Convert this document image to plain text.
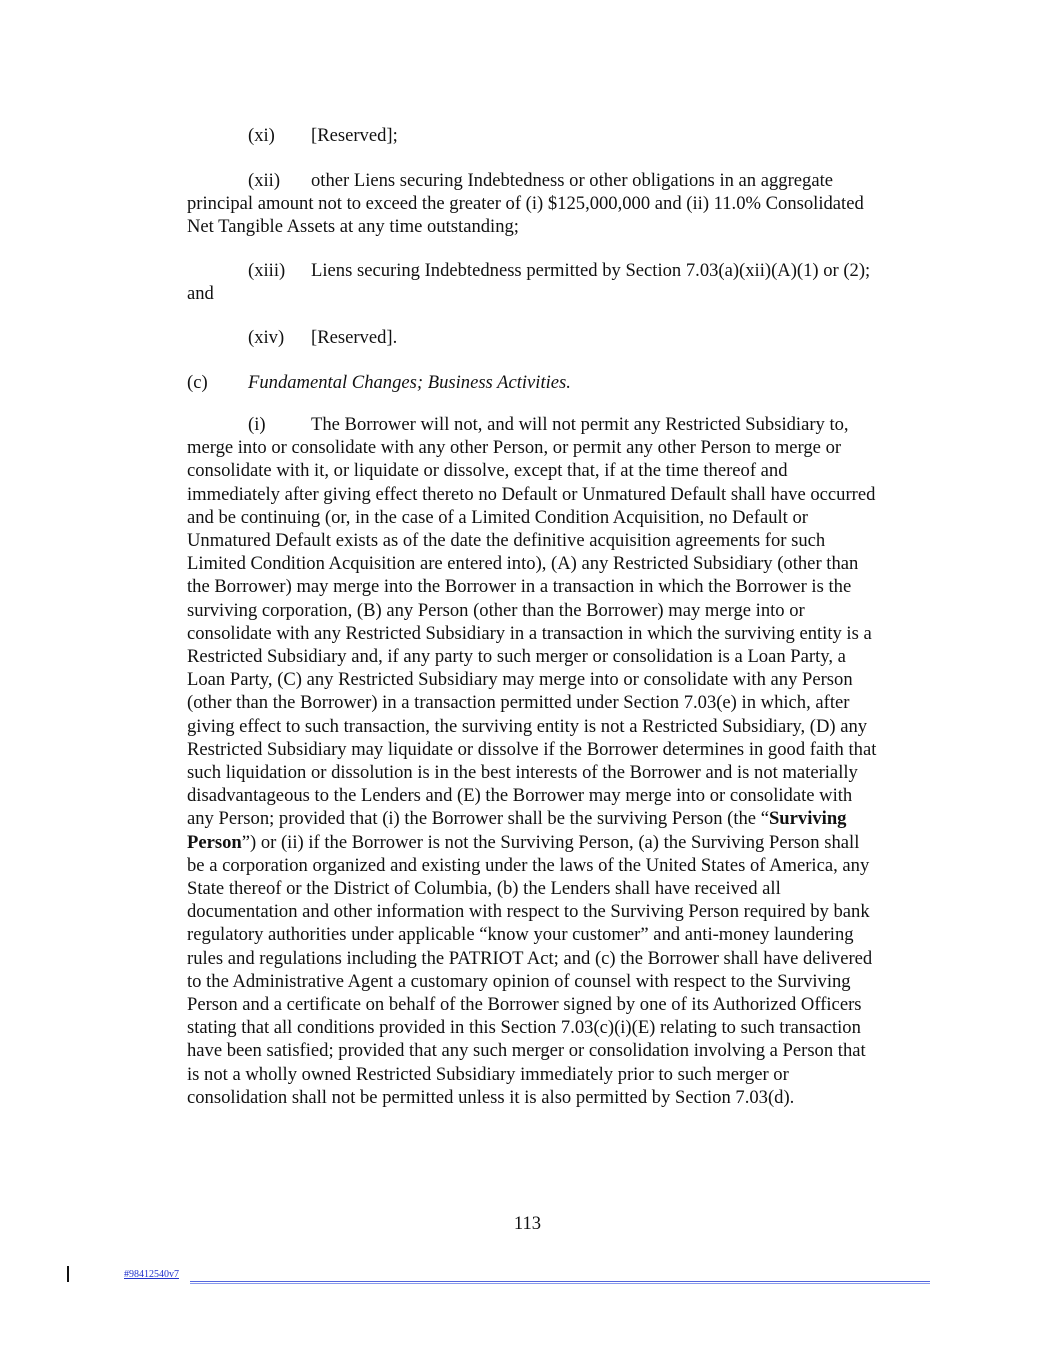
(xi) [Reserved];
(xii) other Liens securing Indebtedness or other obligations in an aggregate
principal amount not to exceed the greater of (i) $125,000,000 and (ii) 11.0% Consolidated
Net Tangible Assets at any time outstanding;
(xiii) Liens securing Indebtedness permitted by Section 7.03(a)(xii)(A)(1) or (2);
and
(xiv) [Reserved].
(c) Fundamental Changes; Business Activities.
(i) The Borrower will not, and will not permit any Restricted Subsidiary to,
merge into or consolidate with any other Person, or permit any other Person to merge or
consolidate with it, or liquidate or dissolve, except that, if at the time thereof and
immediately after giving effect thereto no Default or Unmatured Default shall have occurred
and be continuing (or, in the case of a Limited Condition Acquisition, no Default or
Unmatured Default exists as of the date the definitive acquisition agreements for such
Limited Condition Acquisition are entered into), (A) any Restricted Subsidiary (other than
the Borrower) may merge into the Borrower in a transaction in which the Borrower is the
surviving corporation, (B) any Person (other than the Borrower) may merge into or
consolidate with any Restricted Subsidiary in a transaction in which the surviving entity is a
Restricted Subsidiary and, if any party to such merger or consolidation is a Loan Party, a
Loan Party, (C) any Restricted Subsidiary may merge into or consolidate with any Person
(other than the Borrower) in a transaction permitted under Section 7.03(e) in which, after
giving effect to such transaction, the surviving entity is not a Restricted Subsidiary, (D) any
Restricted Subsidiary may liquidate or dissolve if the Borrower determines in good faith that
such liquidation or dissolution is in the best interests of the Borrower and is not materially
disadvantageous to the Lenders and (E) the Borrower may merge into or consolidate with
any Person; provided that (i) the Borrower shall be the surviving Person (the “Surviving
Person”) or (ii) if the Borrower is not the Surviving Person, (a) the Surviving Person shall
be a corporation organized and existing under the laws of the United States of America, any
State thereof or the District of Columbia, (b) the Lenders shall have received all
documentation and other information with respect to the Surviving Person required by bank
regulatory authorities under applicable “know your customer” and anti-money laundering
rules and regulations including the PATRIOT Act; and (c) the Borrower shall have delivered
to the Administrative Agent a customary opinion of counsel with respect to the Surviving
Person and a certificate on behalf of the Borrower signed by one of its Authorized Officers
stating that all conditions provided in this Section 7.03(c)(i)(E) relating to such transaction
have been satisfied; provided that any such merger or consolidation involving a Person that
is not a wholly owned Restricted Subsidiary immediately prior to such merger or
consolidation shall not be permitted unless it is also permitted by Section 7.03(d).
113
#98412540v7
